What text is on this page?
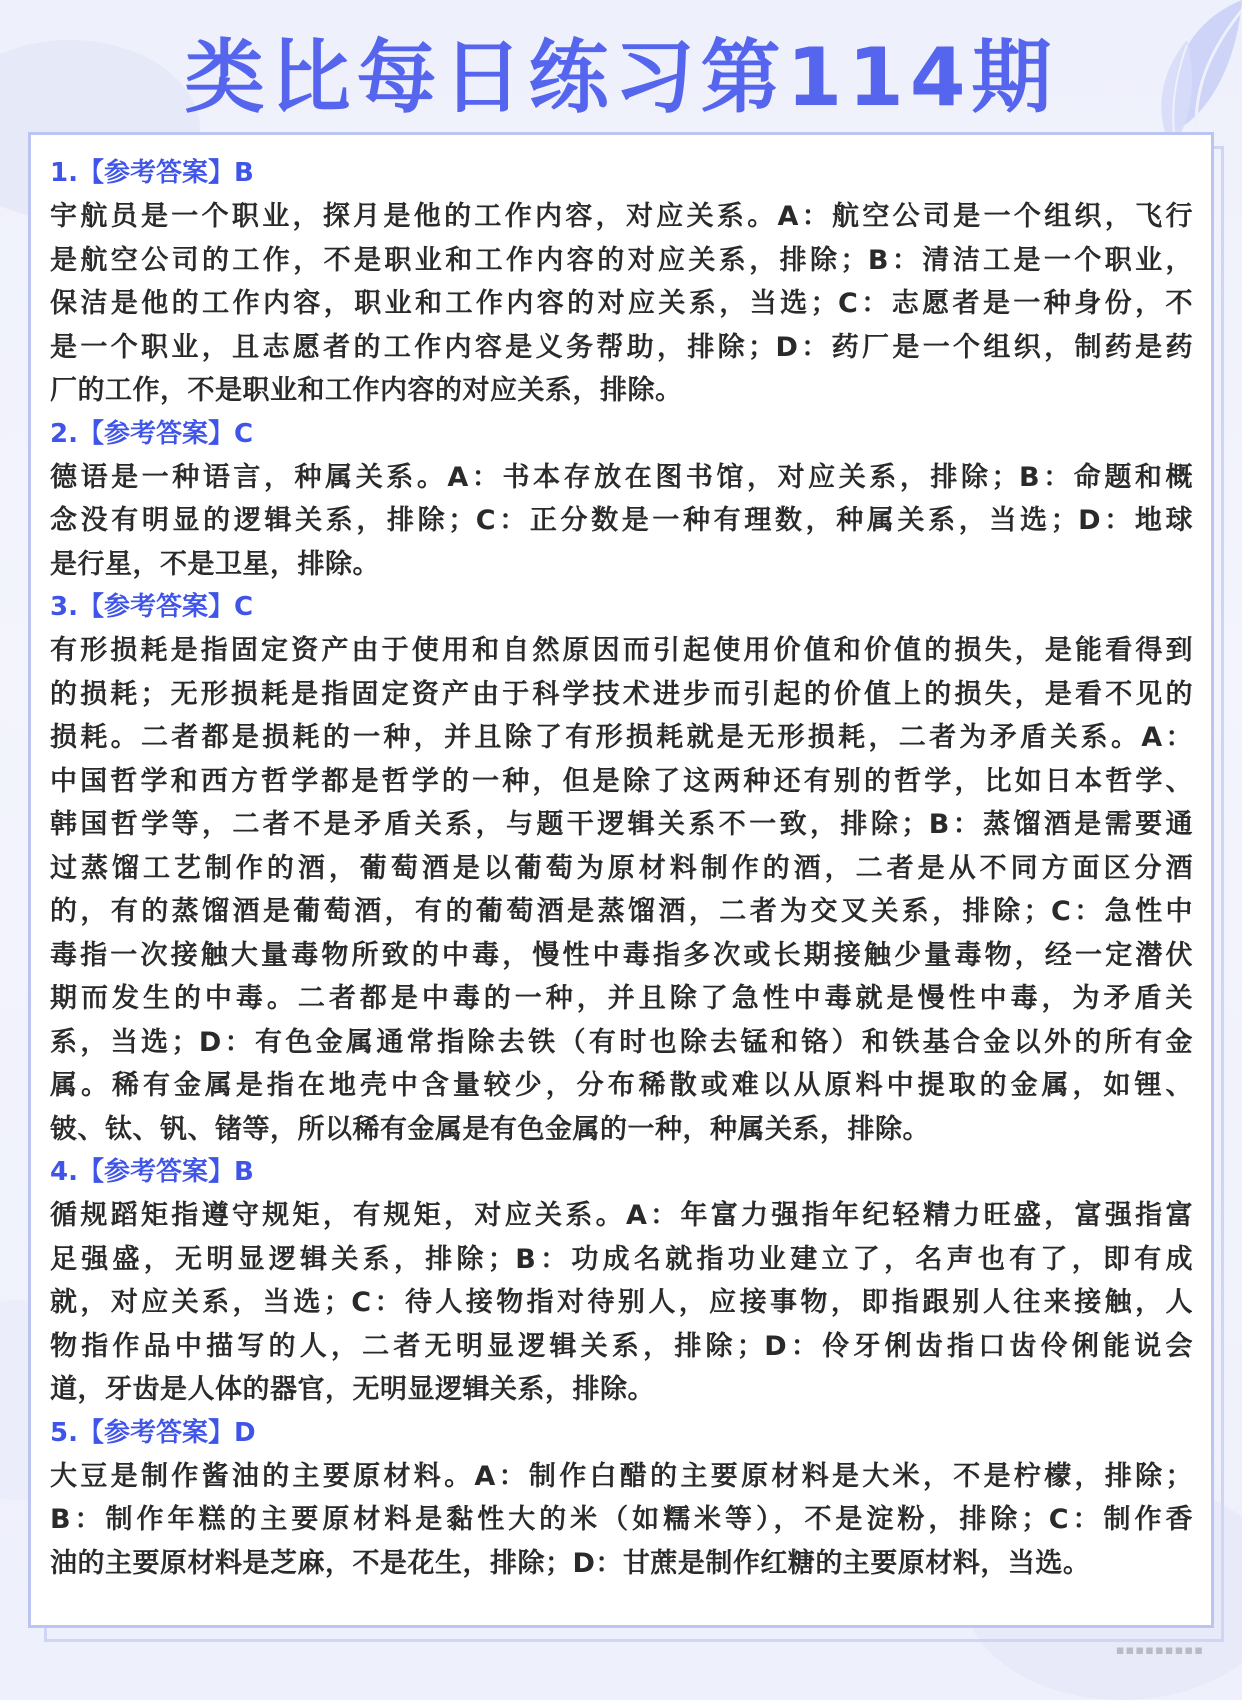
类比每日练习第114期
1.【参考答案】B
宇航员是一个职业，探月是他的工作内容，对应关系。A：航空公司是一个组织，飞行
是航空公司的工作，不是职业和工作内容的对应关系，排除；B：清洁工是一个职业，
保洁是他的工作内容，职业和工作内容的对应关系，当选；C：志愿者是一种身份，不
是一个职业，且志愿者的工作内容是义务帮助，排除；D：药厂是一个组织，制药是药
厂的工作，不是职业和工作内容的对应关系，排除。
2.【参考答案】C
德语是一种语言，种属关系。A：书本存放在图书馆，对应关系，排除；B：命题和概
念没有明显的逻辑关系，排除；C：正分数是一种有理数，种属关系，当选；D：地球
是行星，不是卫星，排除。
3.【参考答案】C
有形损耗是指固定资产由于使用和自然原因而引起使用价值和价值的损失，是能看得到
的损耗；无形损耗是指固定资产由于科学技术进步而引起的价值上的损失，是看不见的
损耗。二者都是损耗的一种，并且除了有形损耗就是无形损耗，二者为矛盾关系。A：
中国哲学和西方哲学都是哲学的一种，但是除了这两种还有别的哲学，比如日本哲学、
韩国哲学等，二者不是矛盾关系，与题干逻辑关系不一致，排除；B：蒸馏酒是需要通
过蒸馏工艺制作的酒，葡萄酒是以葡萄为原材料制作的酒，二者是从不同方面区分酒
的，有的蒸馏酒是葡萄酒，有的葡萄酒是蒸馏酒，二者为交叉关系，排除；C：急性中
毒指一次接触大量毒物所致的中毒，慢性中毒指多次或长期接触少量毒物，经一定潜伏
期而发生的中毒。二者都是中毒的一种，并且除了急性中毒就是慢性中毒，为矛盾关
系，当选；D：有色金属通常指除去铁（有时也除去锰和铬）和铁基合金以外的所有金
属。稀有金属是指在地壳中含量较少，分布稀散或难以从原料中提取的金属，如锂、
铍、钛、钒、锗等，所以稀有金属是有色金属的一种，种属关系，排除。
4.【参考答案】B
循规蹈矩指遵守规矩，有规矩，对应关系。A：年富力强指年纪轻精力旺盛，富强指富
足强盛，无明显逻辑关系，排除；B：功成名就指功业建立了，名声也有了，即有成
就，对应关系，当选；C：待人接物指对待别人，应接事物，即指跟别人往来接触，人
物指作品中描写的人，二者无明显逻辑关系，排除；D：伶牙俐齿指口齿伶俐能说会
道，牙齿是人体的器官，无明显逻辑关系，排除。
5.【参考答案】D
大豆是制作酱油的主要原材料。A：制作白醋的主要原材料是大米，不是柠檬，排除；
B：制作年糕的主要原材料是黏性大的米（如糯米等），不是淀粉，排除；C：制作香
油的主要原材料是芝麻，不是花生，排除；D：甘蔗是制作红糖的主要原材料，当选。
▪▪▪▪▪▪▪▪▪
